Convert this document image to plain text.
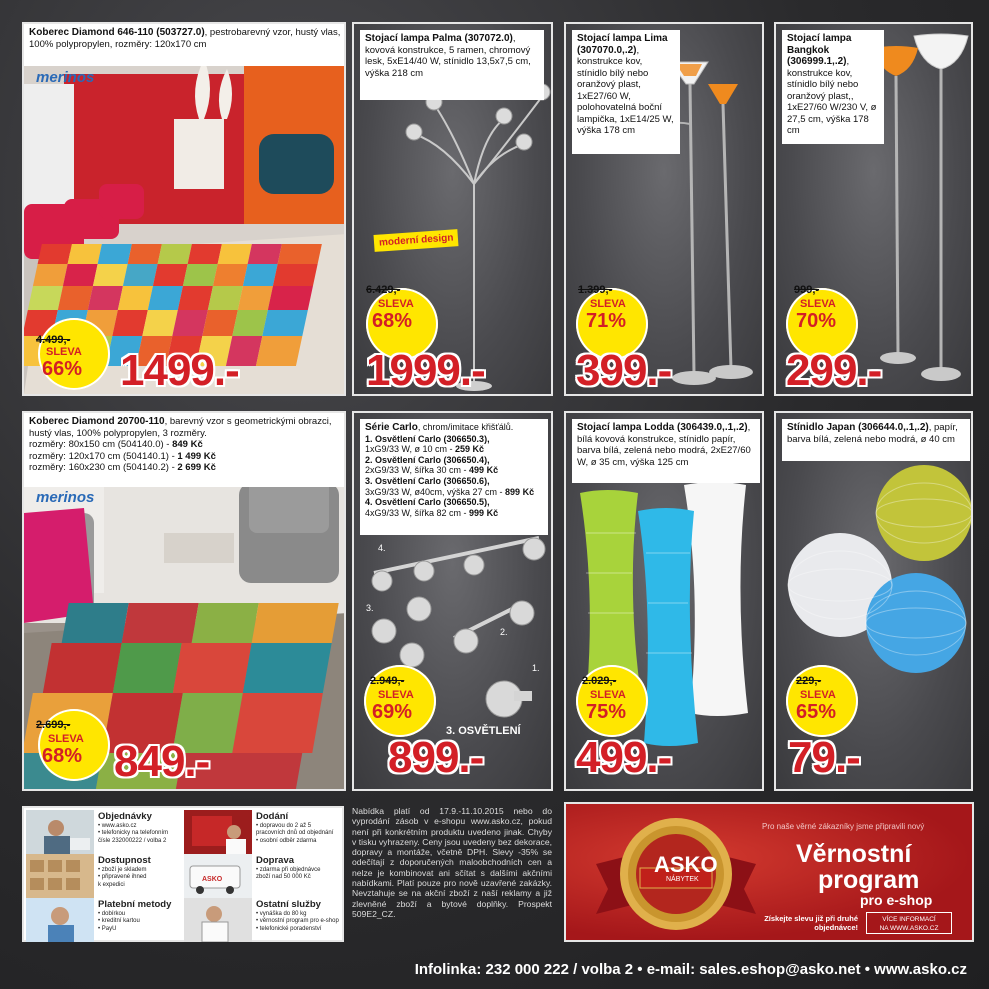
Koberec Diamond 646-110 (503727.0), pestrobarevný vzor, hustý vlas, 100% polypropylen, rozměry: 120x170 cm
merinos
4.499,-
SLEVA
66% 1499.-
Stojací lampa Palma (307072.0), kovová konstrukce, 5 ramen, chromový lesk, 5xE14/40 W, stínidlo 13,5x7,5 cm, výška 218 cm
moderní design
6.429,-
SLEVA
68%
1999.-
Stojací lampa Lima (307070.0,.2), konstrukce kov, stínidlo bílý nebo oranžový plast, 1xE27/60 W, polohovatelná boční lampička, 1xE14/25 W, výška 178 cm
1.399,-
SLEVA
71%
399.-
Stojací lampa Bangkok (306999.1,.2), konstrukce kov, stínidlo bílý nebo oranžový plast,, 1xE27/60 W/230 V, ø 27,5 cm, výška 178 cm
999,-
SLEVA
70%
299.-
Koberec Diamond 20700-110, barevný vzor s geometrickými obrazci, hustý vlas, 100% polypropylen, 3 rozměry.
rozměry: 80x150 cm (504140.0) - 849 Kč
rozměry: 120x170 cm (504140.1) - 1 499 Kč
rozměry: 160x230 cm (504140.2) - 2 699 Kč
merinos
2.699,-
SLEVA
68% 849.-
Série Carlo, chrom/imitace křišťálů.
1. Osvětlení Carlo (306650.3),
1xG9/33 W, ø 10 cm - 259 Kč
2. Osvětlení Carlo (306650.4),
2xG9/33 W, šířka 30 cm - 499 Kč
3. Osvětlení Carlo (306650.6),
3xG9/33 W, ø40cm, výška 27 cm - 899 Kč
4. Osvětlení Carlo (306650.5),
4xG9/33 W, šířka 82 cm - 999 Kč
4.
3.
2.
1.
3. OSVĚTLENÍ
2.949,-
SLEVA
69%
899.-
Stojací lampa Lodda (306439.0,.1,.2), bílá kovová konstrukce, stínidlo papír, barva bílá, zelená nebo modrá, 2xE27/60 W, ø 35 cm, výška 125 cm
2.029,-
SLEVA
75%
499.-
Stínidlo Japan (306644.0,.1,.2), papír, barva bílá, zelená nebo modrá, ø 40 cm
229,-
SLEVA
65%
79.-
Objednávky
• www.asko.cz
• telefonicky na telefonním
čísle 232000222 / volba 2
Dodání
• dopravou do 2 až 5
pracovních dnů od objednání
• osobní odběr zdarma
Dostupnost
• zboží je skladem
• připravené ihned
k expedici
ASKO
Doprava
• zdarma při objednávce
zboží nad 50 000 Kč
Platební metody
• dobírkou
• kreditní kartou
• PayU
Ostatní služby
• vynáška do 80 kg
• věrnostní program pro e-shop
• telefonické poradenství
Nabídka platí od 17.9.-11.10.2015 nebo do vyprodání zásob v e-shopu www.asko.cz, pokud není při konkrétním produktu uvedeno jinak. Chyby v tisku vyhrazeny. Ceny jsou uvedeny bez dekorace, dopravy a montáže, včetně DPH. Slevy -35% se odečítají z doporučených maloobchodních cen a nelze je kombinovat ani sčítat s dalšími akčními nabídkami. Platí pouze pro nově uzavřené zakázky. Nevztahuje se na akční zboží z naší reklamy a již zlevněné zboží a bytové doplňky. Prospekt 509E2_CZ.
ASKO
NÁBYTEK
Pro naše věrné zákazníky jsme připravili nový
Věrnostní
program
pro e-shop
Získejte slevu již při druhé objednávce!
VÍCE INFORMACÍ
NA WWW.ASKO.CZ
Infolinka: 232 000 222 / volba 2 • e-mail: sales.eshop@asko.net • www.asko.cz
